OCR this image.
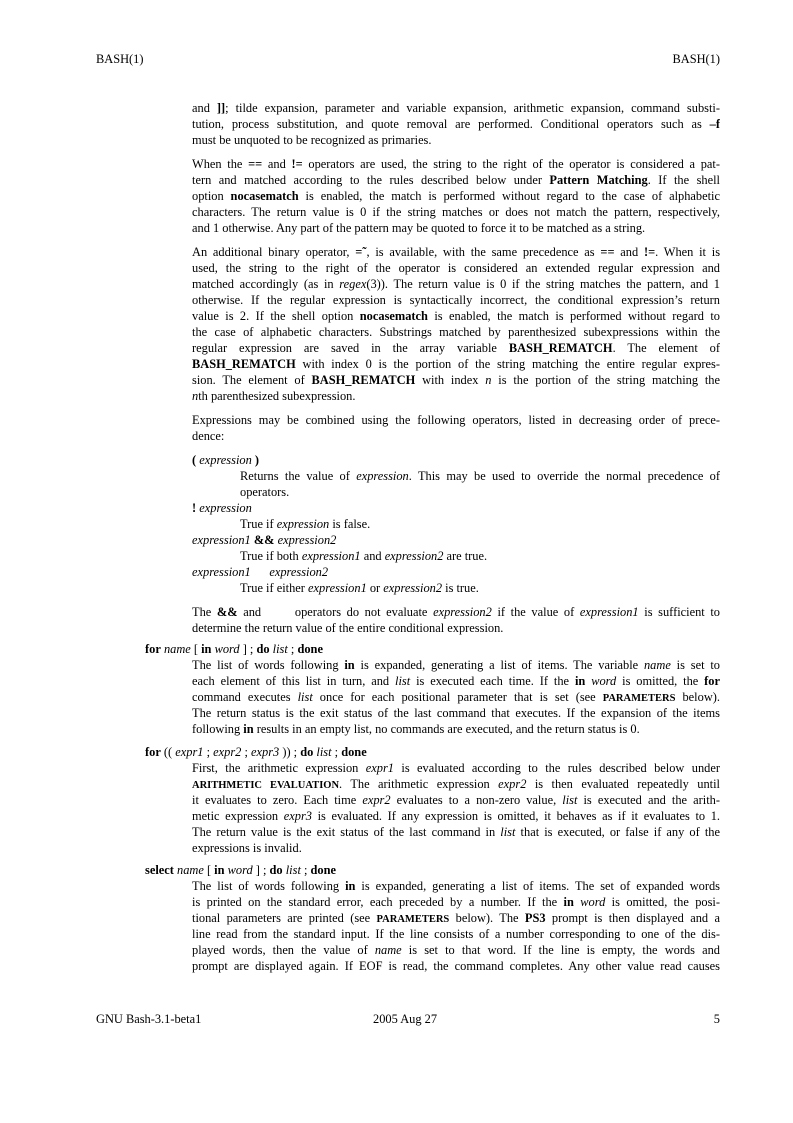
BASH(1)	BASH(1)
and ]]; tilde expansion, parameter and variable expansion, arithmetic expansion, command substi-
tution, process substitution, and quote removal are performed. Conditional operators such as –f
must be unquoted to be recognized as primaries.
When the == and != operators are used, the string to the right of the operator is considered a pat-
tern and matched according to the rules described below under Pattern Matching. If the shell
option nocasematch is enabled, the match is performed without regard to the case of alphabetic
characters. The return value is 0 if the string matches or does not match the pattern, respectively,
and 1 otherwise. Any part of the pattern may be quoted to force it to be matched as a string.
An additional binary operator, =˜, is available, with the same precedence as == and !=. When it is
used, the string to the right of the operator is considered an extended regular expression and
matched accordingly (as in regex(3)). The return value is 0 if the string matches the pattern, and 1
otherwise. If the regular expression is syntactically incorrect, the conditional expression’s return
value is 2. If the shell option nocasematch is enabled, the match is performed without regard to
the case of alphabetic characters. Substrings matched by parenthesized subexpressions within the
regular expression are saved in the array variable BASH_REMATCH. The element of
BASH_REMATCH with index 0 is the portion of the string matching the entire regular expres-
sion. The element of BASH_REMATCH with index n is the portion of the string matching the
nth parenthesized subexpression.
Expressions may be combined using the following operators, listed in decreasing order of prece-
dence:
( expression )
Returns the value of expression. This may be used to override the normal precedence of
operators.
! expression
True if expression is false.
expression1 && expression2
True if both expression1 and expression2 are true.
expression1 expression2
True if either expression1 or expression2 is true.
The && and      operators do not evaluate expression2 if the value of expression1 is sufficient to
determine the return value of the entire conditional expression.
for name [ in word ] ; do list ; done
The list of words following in is expanded, generating a list of items. The variable name is set to
each element of this list in turn, and list is executed each time. If the in word is omitted, the for
command executes list once for each positional parameter that is set (see PARAMETERS below).
The return status is the exit status of the last command that executes. If the expansion of the items
following in results in an empty list, no commands are executed, and the return status is 0.
for (( expr1 ; expr2 ; expr3 )) ; do list ; done
First, the arithmetic expression expr1 is evaluated according to the rules described below under
ARITHMETIC EVALUATION. The arithmetic expression expr2 is then evaluated repeatedly until
it evaluates to zero. Each time expr2 evaluates to a non-zero value, list is executed and the arith-
metic expression expr3 is evaluated. If any expression is omitted, it behaves as if it evaluates to 1.
The return value is the exit status of the last command in list that is executed, or false if any of the
expressions is invalid.
select name [ in word ] ; do list ; done
The list of words following in is expanded, generating a list of items. The set of expanded words
is printed on the standard error, each preceded by a number. If the in word is omitted, the posi-
tional parameters are printed (see PARAMETERS below). The PS3 prompt is then displayed and a
line read from the standard input. If the line consists of a number corresponding to one of the dis-
played words, then the value of name is set to that word. If the line is empty, the words and
prompt are displayed again. If EOF is read, the command completes. Any other value read causes
GNU Bash-3.1-beta1	2005 Aug 27	5
